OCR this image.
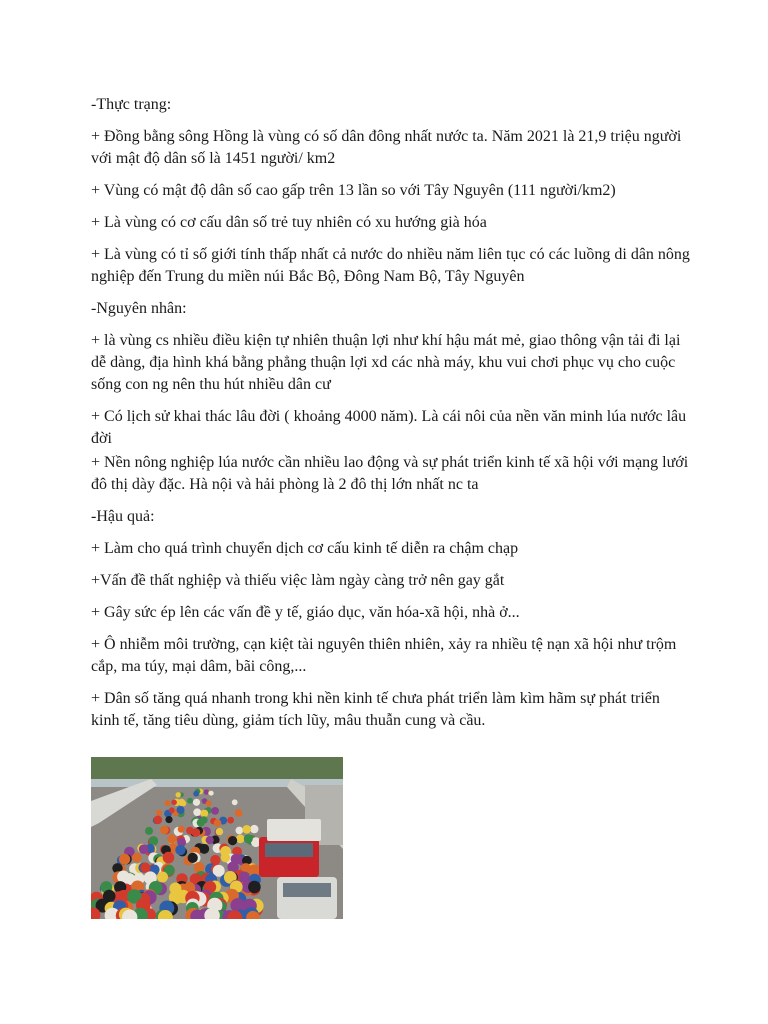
-Thực trạng:

+ Đồng bằng sông Hồng là vùng có số dân đông nhất nước ta. Năm 2021 là 21,9 triệu người với mật độ dân số là 1451 người/ km2

+ Vùng có mật độ dân số cao gấp trên 13 lần so với Tây Nguyên (111 người/km2)

+ Là vùng có cơ cấu dân số trẻ tuy nhiên có xu hướng già hóa

+ Là vùng có tỉ số giới tính thấp nhất cả nước do nhiều năm liên tục có các luồng di dân nông nghiệp đến Trung du miền núi Bắc Bộ, Đông Nam Bộ, Tây Nguyên

-Nguyên nhân:

+ là vùng cs nhiều điều kiện tự nhiên thuận lợi như khí hậu mát mẻ, giao thông vận tải đi lại dễ dàng, địa hình khá bằng phẳng thuận lợi xd các nhà máy, khu vui chơi phục vụ cho cuộc sống con ng nên thu hút nhiều dân cư

+ Có lịch sử khai thác lâu đời ( khoảng 4000 năm). Là cái nôi của nền văn minh lúa nước lâu đời

+ Nền nông nghiệp lúa nước cần nhiều lao động và sự phát triển kinh tế xã hội với mạng lưới đô thị dày đặc. Hà nội và hải phòng là 2 đô thị lớn nhất nc ta

-Hậu quả:

+ Làm cho quá trình chuyển dịch cơ cấu kinh tế diễn ra chậm chạp

+Vấn đề thất nghiệp và thiếu việc làm ngày càng trở nên gay gắt

+ Gây sức ép lên các vấn đề y tế, giáo dục, văn hóa-xã hội, nhà ở...

+ Ô nhiễm môi trường, cạn kiệt tài nguyên thiên nhiên, xảy ra nhiều tệ nạn xã hội như trộm cắp, ma túy, mại dâm, bãi công,...

+ Dân số tăng quá nhanh trong khi nền kinh tế chưa phát triển làm kìm hãm sự phát triển kinh tế, tăng tiêu dùng, giảm tích lũy, mâu thuẫn cung và cầu.
